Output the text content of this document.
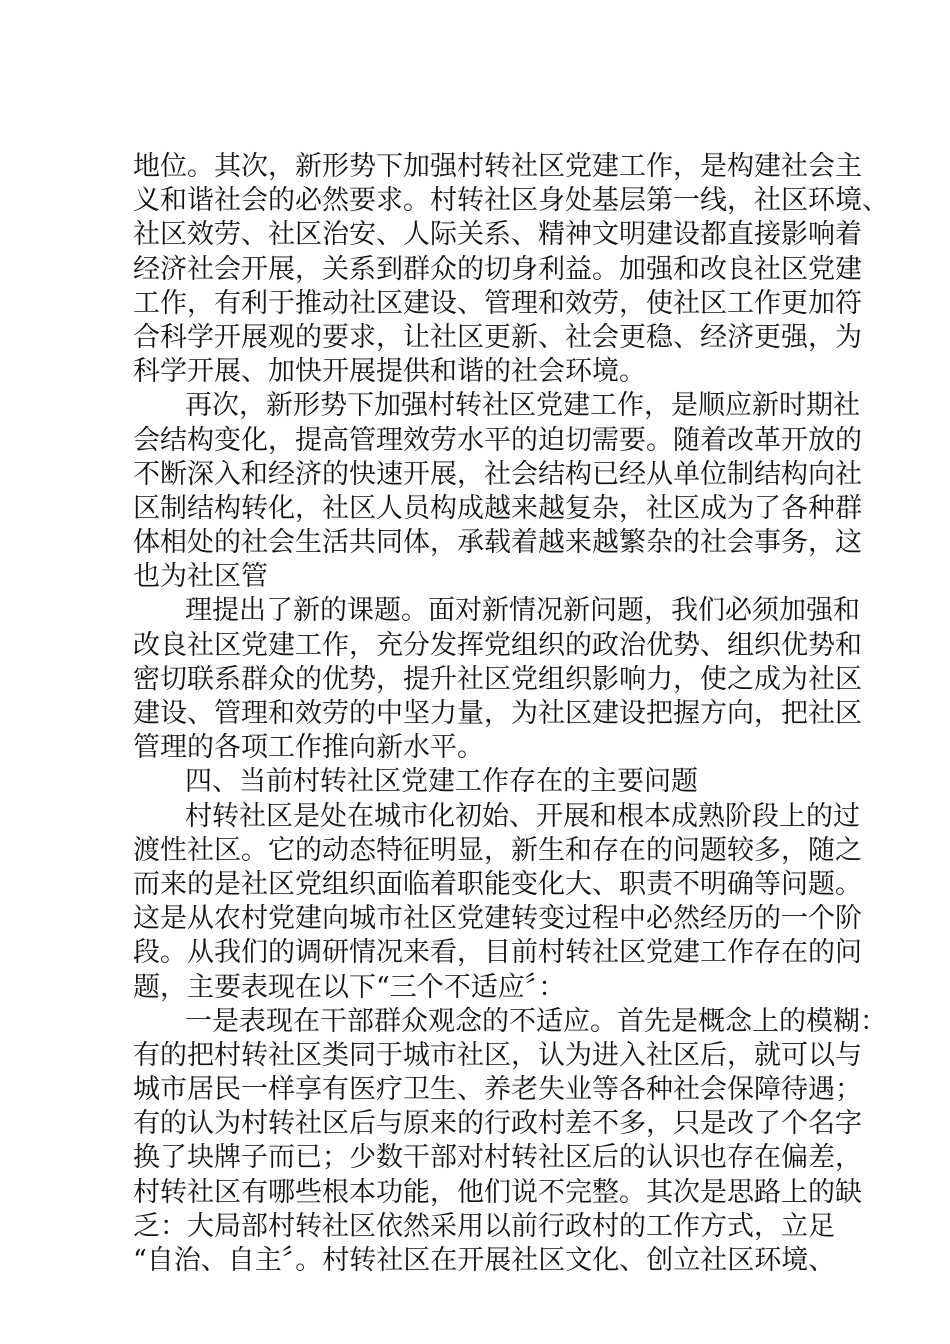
地位。其次，新形势下加强村转社区党建工作，是构建社会主
义和谐社会的必然要求。村转社区身处基层第一线，社区环境、
社区效劳、社区治安、人际关系、精神文明建设都直接影响着
经济社会开展，关系到群众的切身利益。加强和改良社区党建
工作，有利于推动社区建设、管理和效劳，使社区工作更加符
合科学开展观的要求，让社区更新、社会更稳、经济更强，为
科学开展、加快开展提供和谐的社会环境。
再次，新形势下加强村转社区党建工作，是顺应新时期社
会结构变化，提高管理效劳水平的迫切需要。随着改革开放的
不断深入和经济的快速开展，社会结构已经从单位制结构向社
区制结构转化，社区人员构成越来越复杂，社区成为了各种群
体相处的社会生活共同体，承载着越来越繁杂的社会事务，这
也为社区管
理提出了新的课题。面对新情况新问题，我们必须加强和
改良社区党建工作，充分发挥党组织的政治优势、组织优势和
密切联系群众的优势，提升社区党组织影响力，使之成为社区
建设、管理和效劳的中坚力量，为社区建设把握方向，把社区
管理的各项工作推向新水平。
四、当前村转社区党建工作存在的主要问题
村转社区是处在城市化初始、开展和根本成熟阶段上的过
渡性社区。它的动态特征明显，新生和存在的问题较多，随之
而来的是社区党组织面临着职能变化大、职责不明确等问题。
这是从农村党建向城市社区党建转变过程中必然经历的一个阶
段。从我们的调研情况来看，目前村转社区党建工作存在的问
题，主要表现在以下“三个不适应〞：
一是表现在干部群众观念的不适应。首先是概念上的模糊：
有的把村转社区类同于城市社区，认为进入社区后，就可以与
城市居民一样享有医疗卫生、养老失业等各种社会保障待遇；
有的认为村转社区后与原来的行政村差不多，只是改了个名字
换了块牌子而已；少数干部对村转社区后的认识也存在偏差，
村转社区有哪些根本功能，他们说不完整。其次是思路上的缺
乏：大局部村转社区依然采用以前行政村的工作方式，立足
“自治、自主〞。村转社区在开展社区文化、创立社区环境、
